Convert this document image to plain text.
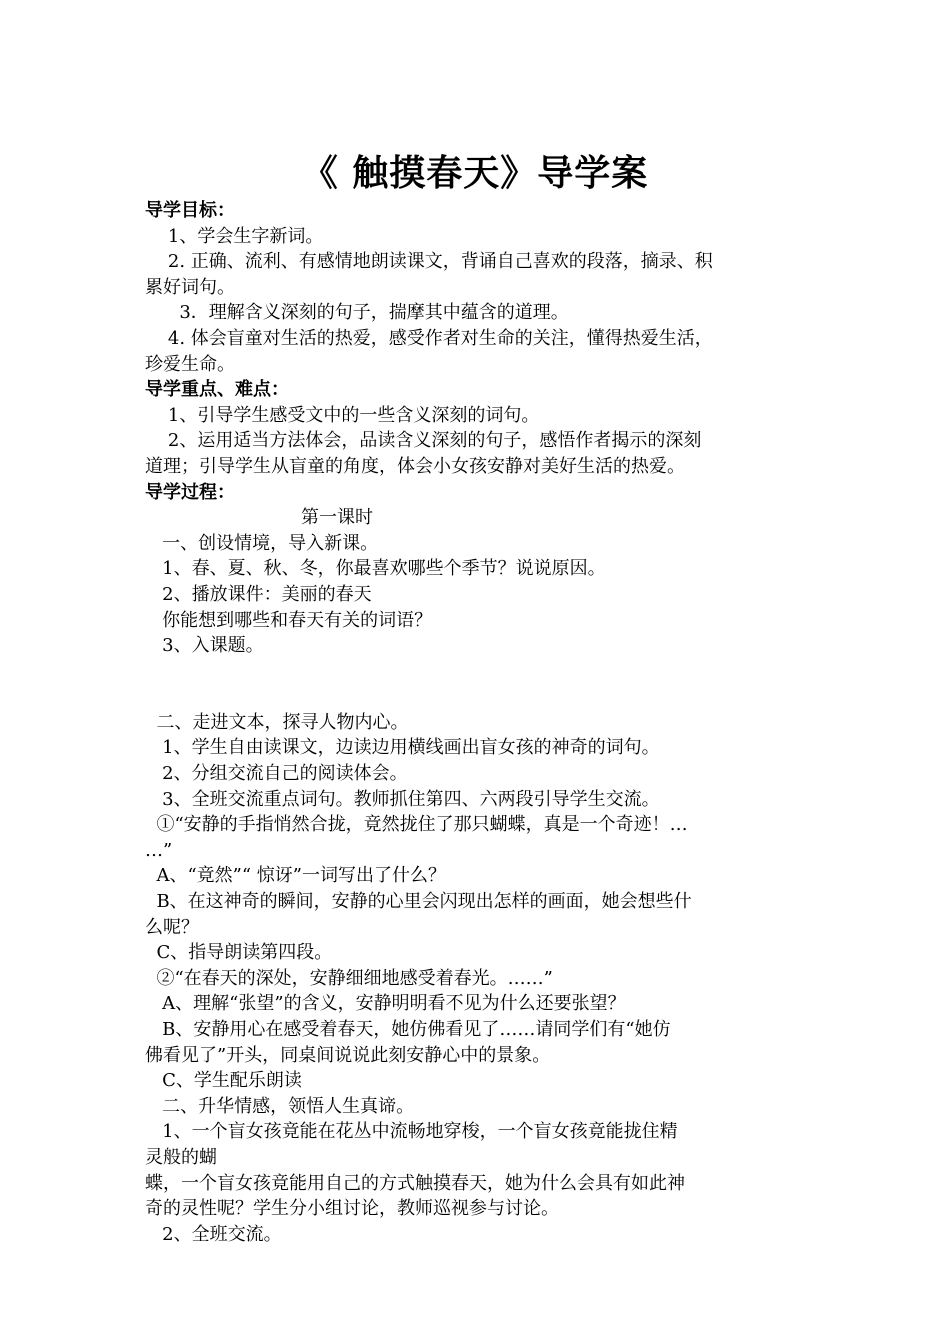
《 触摸春天》导学案
导学目标：
1、学会生字新词。
2. 正确、流利、有感情地朗读课文，背诵自己喜欢的段落，摘录、积
累好词句。
3．理解含义深刻的句子，揣摩其中蕴含的道理。
4. 体会盲童对生活的热爱，感受作者对生命的关注，懂得热爱生活，
珍爱生命。
导学重点、难点：
1、引导学生感受文中的一些含义深刻的词句。
2、运用适当方法体会，品读含义深刻的句子，感悟作者揭示的深刻
道理；引导学生从盲童的角度，体会小女孩安静对美好生活的热爱。
导学过程：
第一课时
一、创设情境，导入新课。
1、春、夏、秋、冬，你最喜欢哪些个季节？说说原因。
2、播放课件：美丽的春天
你能想到哪些和春天有关的词语？
3、入课题。
二、走进文本，探寻人物内心。
1、学生自由读课文，边读边用横线画出盲女孩的神奇的词句。
2、分组交流自己的阅读体会。
3、全班交流重点词句。教师抓住第四、六两段引导学生交流。
①“安静的手指悄然合拢，竟然拢住了那只蝴蝶，真是一个奇迹！…
…”
A、“竟然”“ 惊讶”一词写出了什么？
B、在这神奇的瞬间，安静的心里会闪现出怎样的画面，她会想些什
么呢？
C、指导朗读第四段。
②“在春天的深处，安静细细地感受着春光。……”
A、理解“张望”的含义，安静明明看不见为什么还要张望？
B、安静用心在感受着春天，她仿佛看见了……请同学们有“她仿
佛看见了”开头，同桌间说说此刻安静心中的景象。
C、学生配乐朗读
二、升华情感，领悟人生真谛。
1、一个盲女孩竟能在花丛中流畅地穿梭，一个盲女孩竟能拢住精
灵般的蝴
蝶，一个盲女孩竟能用自己的方式触摸春天，她为什么会具有如此神
奇的灵性呢？学生分小组讨论，教师巡视参与讨论。
2、全班交流。
